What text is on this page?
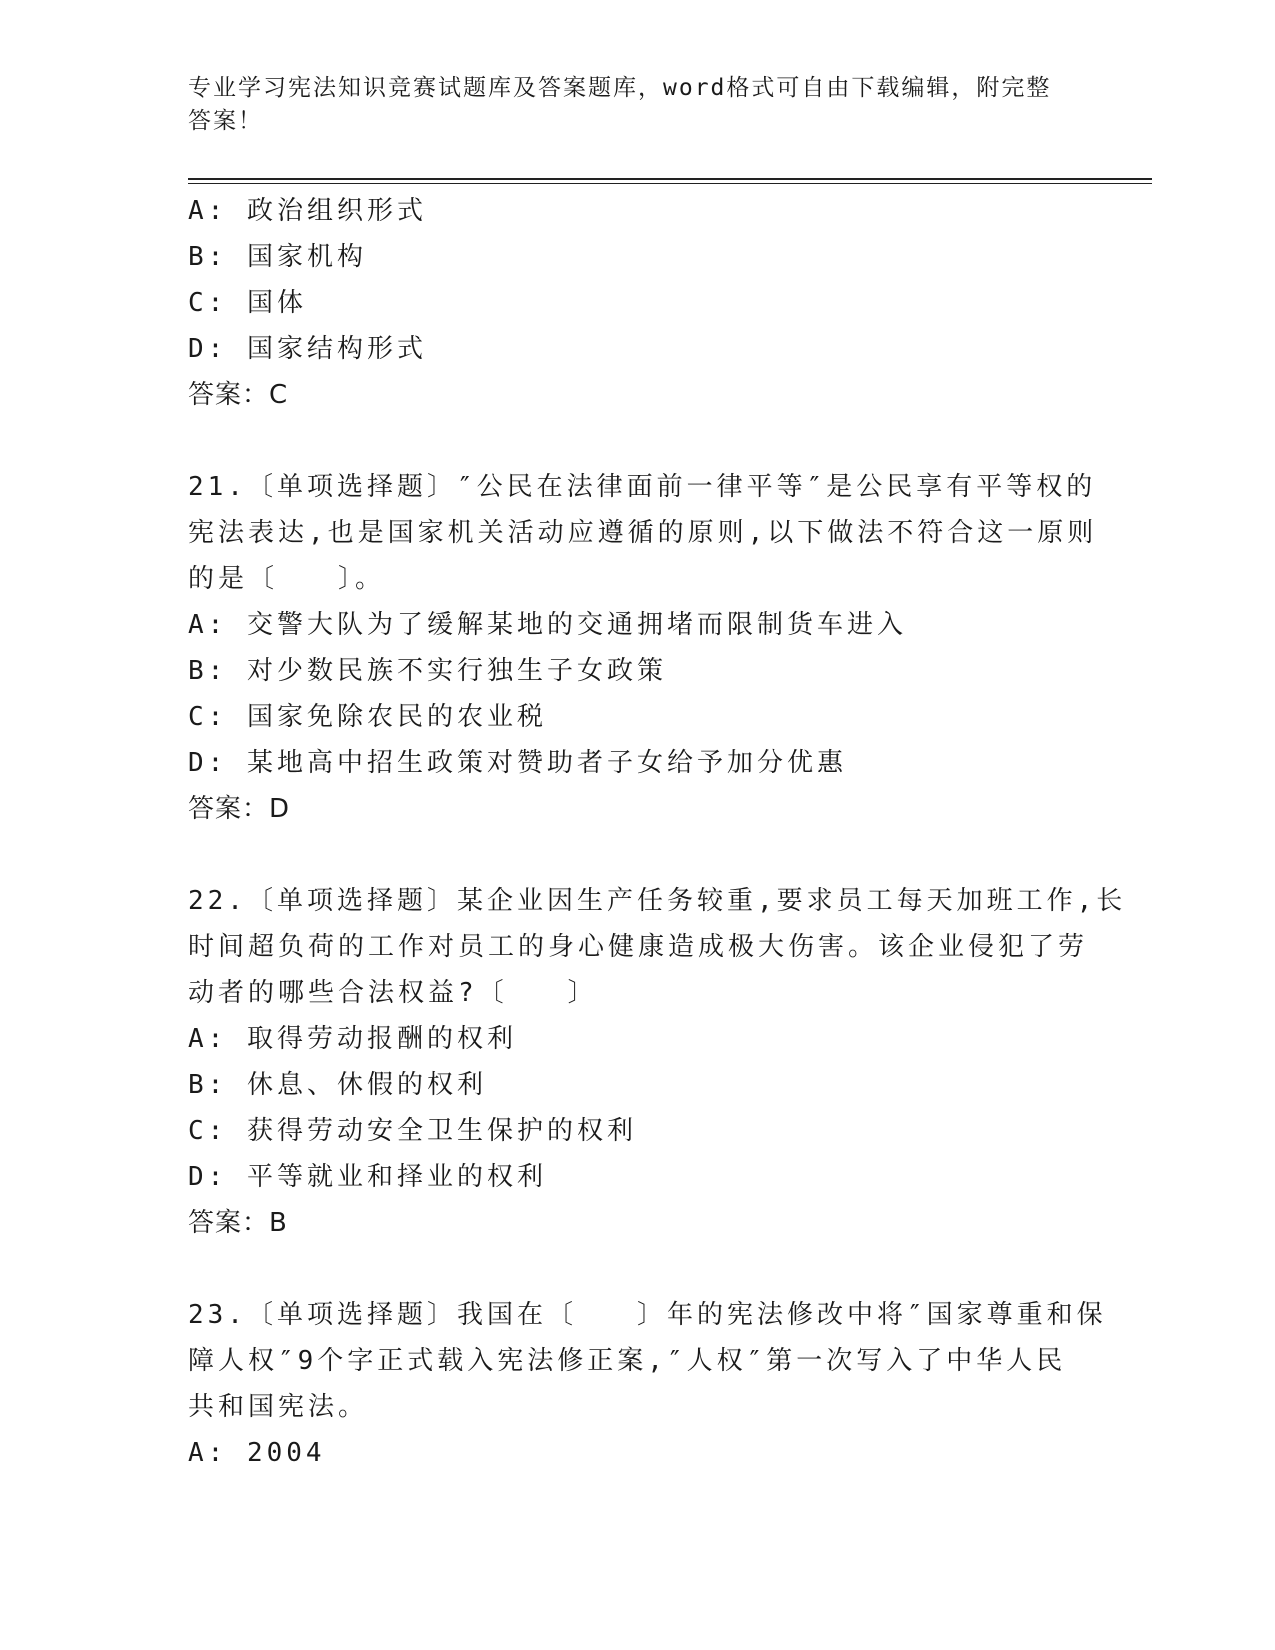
专业学习宪法知识竞赛试题库及答案题库，word格式可自由下载编辑，附完整答案！
A: 政治组织形式
B: 国家机构
C: 国体
D: 国家结构形式
答案：C
21.〔单项选择题〕″公民在法律面前一律平等″是公民享有平等权的
宪法表达,也是国家机关活动应遵循的原则,以下做法不符合这一原则
的是〔　　〕。
A: 交警大队为了缓解某地的交通拥堵而限制货车进入
B: 对少数民族不实行独生子女政策
C: 国家免除农民的农业税
D: 某地高中招生政策对赞助者子女给予加分优惠
答案：D
22.〔单项选择题〕某企业因生产任务较重,要求员工每天加班工作,长
时间超负荷的工作对员工的身心健康造成极大伤害。该企业侵犯了劳
动者的哪些合法权益?〔　　〕
A: 取得劳动报酬的权利
B: 休息、休假的权利
C: 获得劳动安全卫生保护的权利
D: 平等就业和择业的权利
答案：B
23.〔单项选择题〕我国在〔　　〕年的宪法修改中将″国家尊重和保
障人权″9个字正式载入宪法修正案,″人权″第一次写入了中华人民
共和国宪法。
A: 2004
